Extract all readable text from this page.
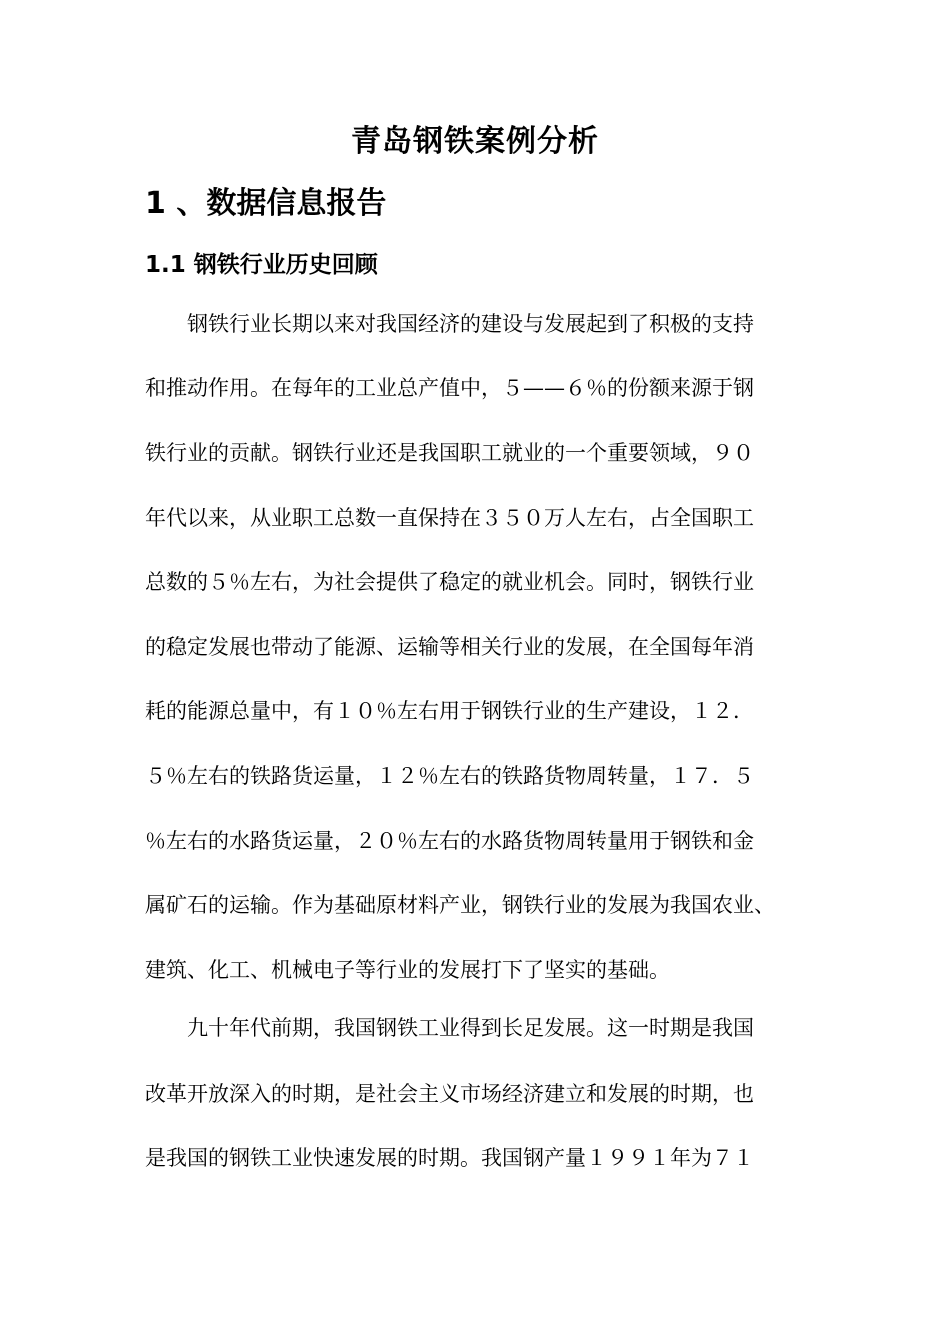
青岛钢铁案例分析
1 、数据信息报告
1.1 钢铁行业历史回顾
　　钢铁行业长期以来对我国经济的建设与发展起到了积极的支持
和推动作用。在每年的工业总产值中，５——６％的份额来源于钢
铁行业的贡献。钢铁行业还是我国职工就业的一个重要领域，９０
年代以来，从业职工总数一直保持在３５０万人左右，占全国职工
总数的５％左右，为社会提供了稳定的就业机会。同时，钢铁行业
的稳定发展也带动了能源、运输等相关行业的发展，在全国每年消
耗的能源总量中，有１０％左右用于钢铁行业的生产建设，１２．
５％左右的铁路货运量，１２％左右的铁路货物周转量，１７．５
％左右的水路货运量，２０％左右的水路货物周转量用于钢铁和金
属矿石的运输。作为基础原材料产业，钢铁行业的发展为我国农业、
建筑、化工、机械电子等行业的发展打下了坚实的基础。
　　九十年代前期，我国钢铁工业得到长足发展。这一时期是我国
改革开放深入的时期，是社会主义市场经济建立和发展的时期，也
是我国的钢铁工业快速发展的时期。我国钢产量１９９１年为７１
